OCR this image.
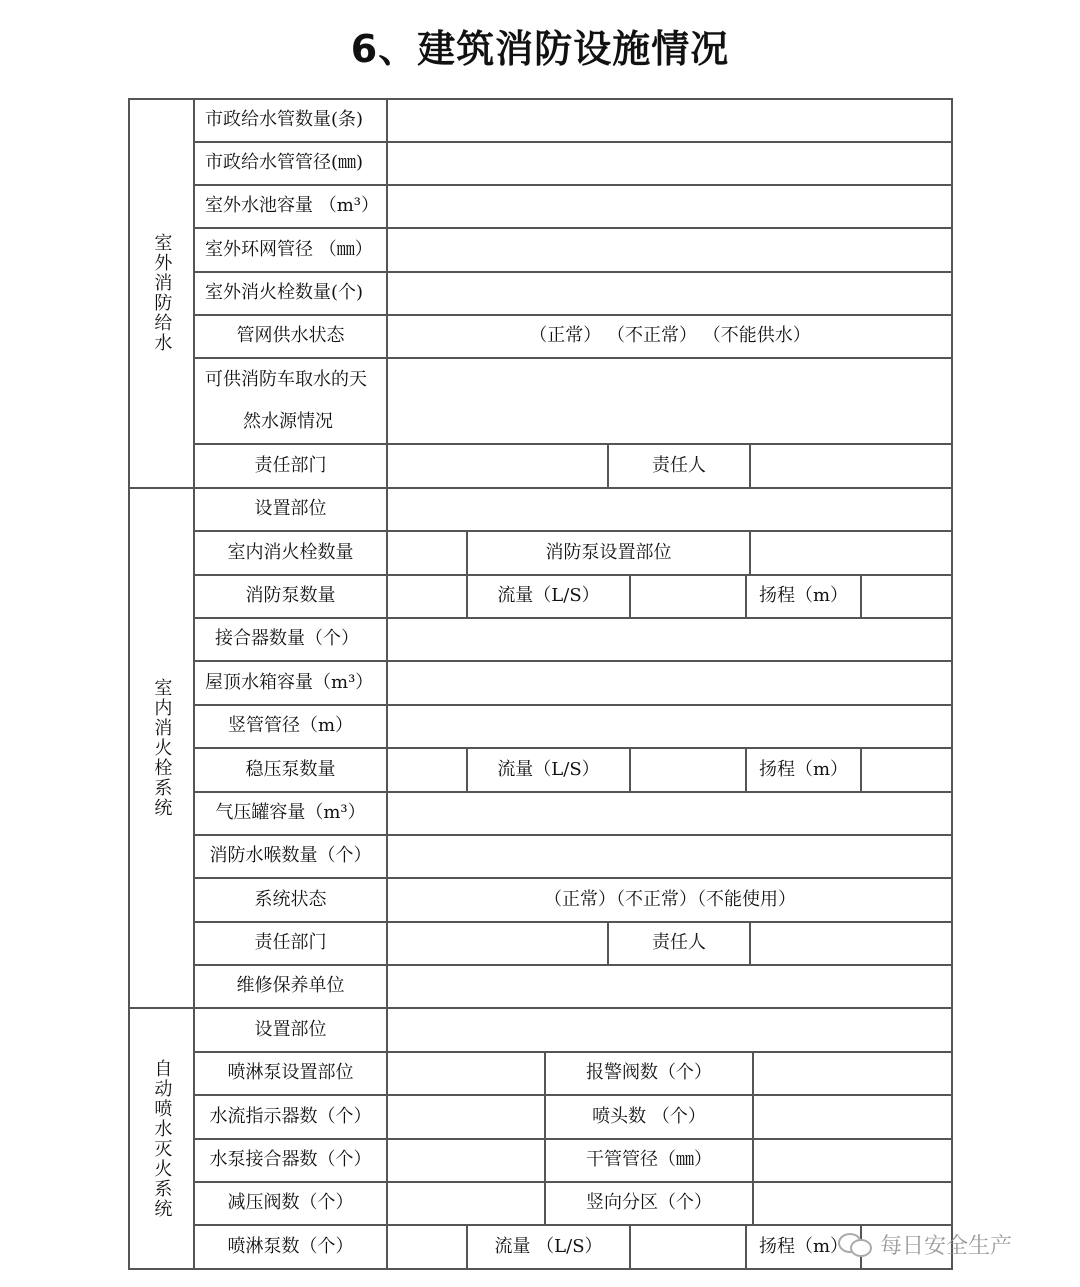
6、建筑消防设施情况
室外消防给水
市政给水管数量(条)
市政给水管管径(㎜)
室外水池容量 （m³）
室外环网管径 （㎜）
室外消火栓数量(个)
管网供水状态	（正常） （不正常） （不能供水）
可供消防车取水的天
然水源情况
责任部门	责任人
室内消火栓系统
设置部位
室内消火栓数量	消防泵设置部位
消防泵数量	流量（L/S）	扬程（m）
接合器数量（个）
屋顶水箱容量（m³）
竖管管径（m）
稳压泵数量	流量（L/S）	扬程（m）
气压罐容量（m³）
消防水喉数量（个）
系统状态	（正常）（不正常）（不能使用）
责任部门	责任人
维修保养单位
自动喷水灭火系统
设置部位
喷淋泵设置部位	报警阀数（个）
水流指示器数（个）	喷头数 （个）
水泵接合器数（个）	干管管径（㎜）
减压阀数（个）	竖向分区（个）
喷淋泵数（个）	流量 （L/S）	扬程（m）	每日安全生产
